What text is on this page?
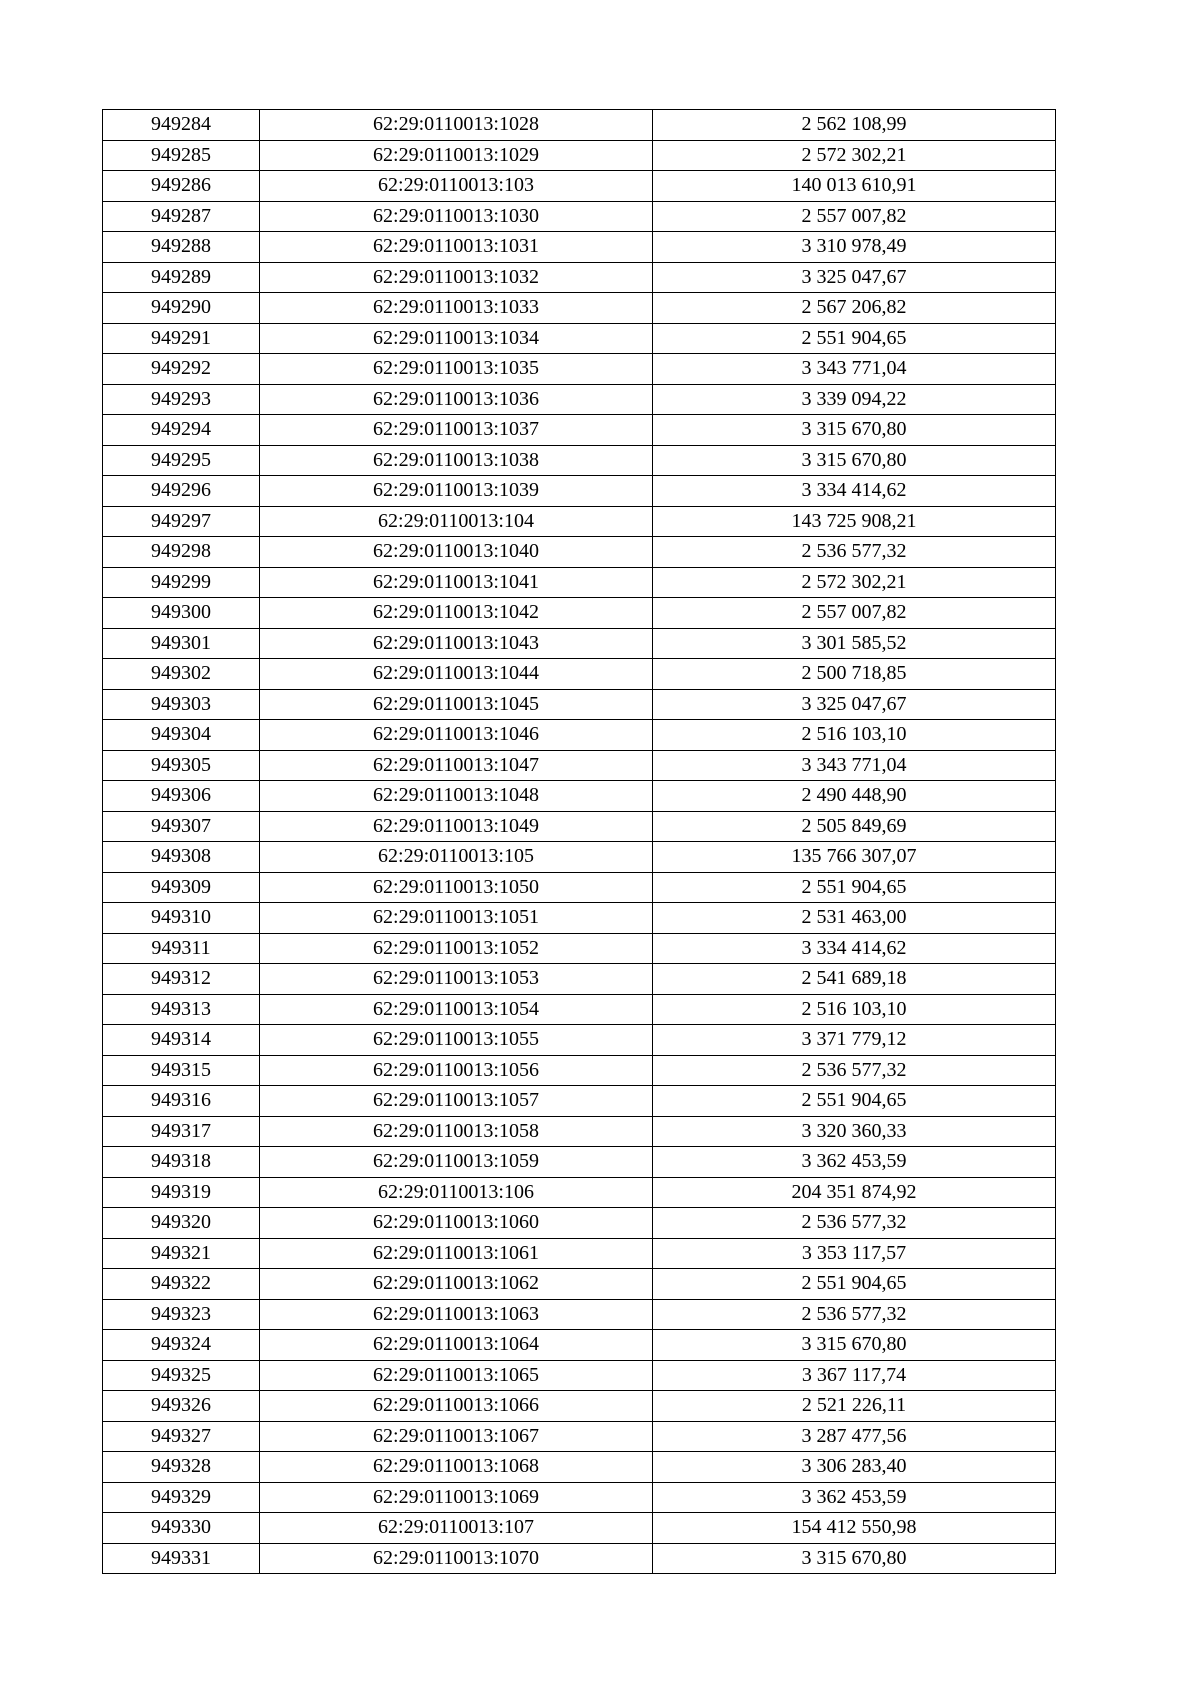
949284	62:29:0110013:1028	2 562 108,99
949285	62:29:0110013:1029	2 572 302,21
949286	62:29:0110013:103	140 013 610,91
949287	62:29:0110013:1030	2 557 007,82
949288	62:29:0110013:1031	3 310 978,49
949289	62:29:0110013:1032	3 325 047,67
949290	62:29:0110013:1033	2 567 206,82
949291	62:29:0110013:1034	2 551 904,65
949292	62:29:0110013:1035	3 343 771,04
949293	62:29:0110013:1036	3 339 094,22
949294	62:29:0110013:1037	3 315 670,80
949295	62:29:0110013:1038	3 315 670,80
949296	62:29:0110013:1039	3 334 414,62
949297	62:29:0110013:104	143 725 908,21
949298	62:29:0110013:1040	2 536 577,32
949299	62:29:0110013:1041	2 572 302,21
949300	62:29:0110013:1042	2 557 007,82
949301	62:29:0110013:1043	3 301 585,52
949302	62:29:0110013:1044	2 500 718,85
949303	62:29:0110013:1045	3 325 047,67
949304	62:29:0110013:1046	2 516 103,10
949305	62:29:0110013:1047	3 343 771,04
949306	62:29:0110013:1048	2 490 448,90
949307	62:29:0110013:1049	2 505 849,69
949308	62:29:0110013:105	135 766 307,07
949309	62:29:0110013:1050	2 551 904,65
949310	62:29:0110013:1051	2 531 463,00
949311	62:29:0110013:1052	3 334 414,62
949312	62:29:0110013:1053	2 541 689,18
949313	62:29:0110013:1054	2 516 103,10
949314	62:29:0110013:1055	3 371 779,12
949315	62:29:0110013:1056	2 536 577,32
949316	62:29:0110013:1057	2 551 904,65
949317	62:29:0110013:1058	3 320 360,33
949318	62:29:0110013:1059	3 362 453,59
949319	62:29:0110013:106	204 351 874,92
949320	62:29:0110013:1060	2 536 577,32
949321	62:29:0110013:1061	3 353 117,57
949322	62:29:0110013:1062	2 551 904,65
949323	62:29:0110013:1063	2 536 577,32
949324	62:29:0110013:1064	3 315 670,80
949325	62:29:0110013:1065	3 367 117,74
949326	62:29:0110013:1066	2 521 226,11
949327	62:29:0110013:1067	3 287 477,56
949328	62:29:0110013:1068	3 306 283,40
949329	62:29:0110013:1069	3 362 453,59
949330	62:29:0110013:107	154 412 550,98
949331	62:29:0110013:1070	3 315 670,80
